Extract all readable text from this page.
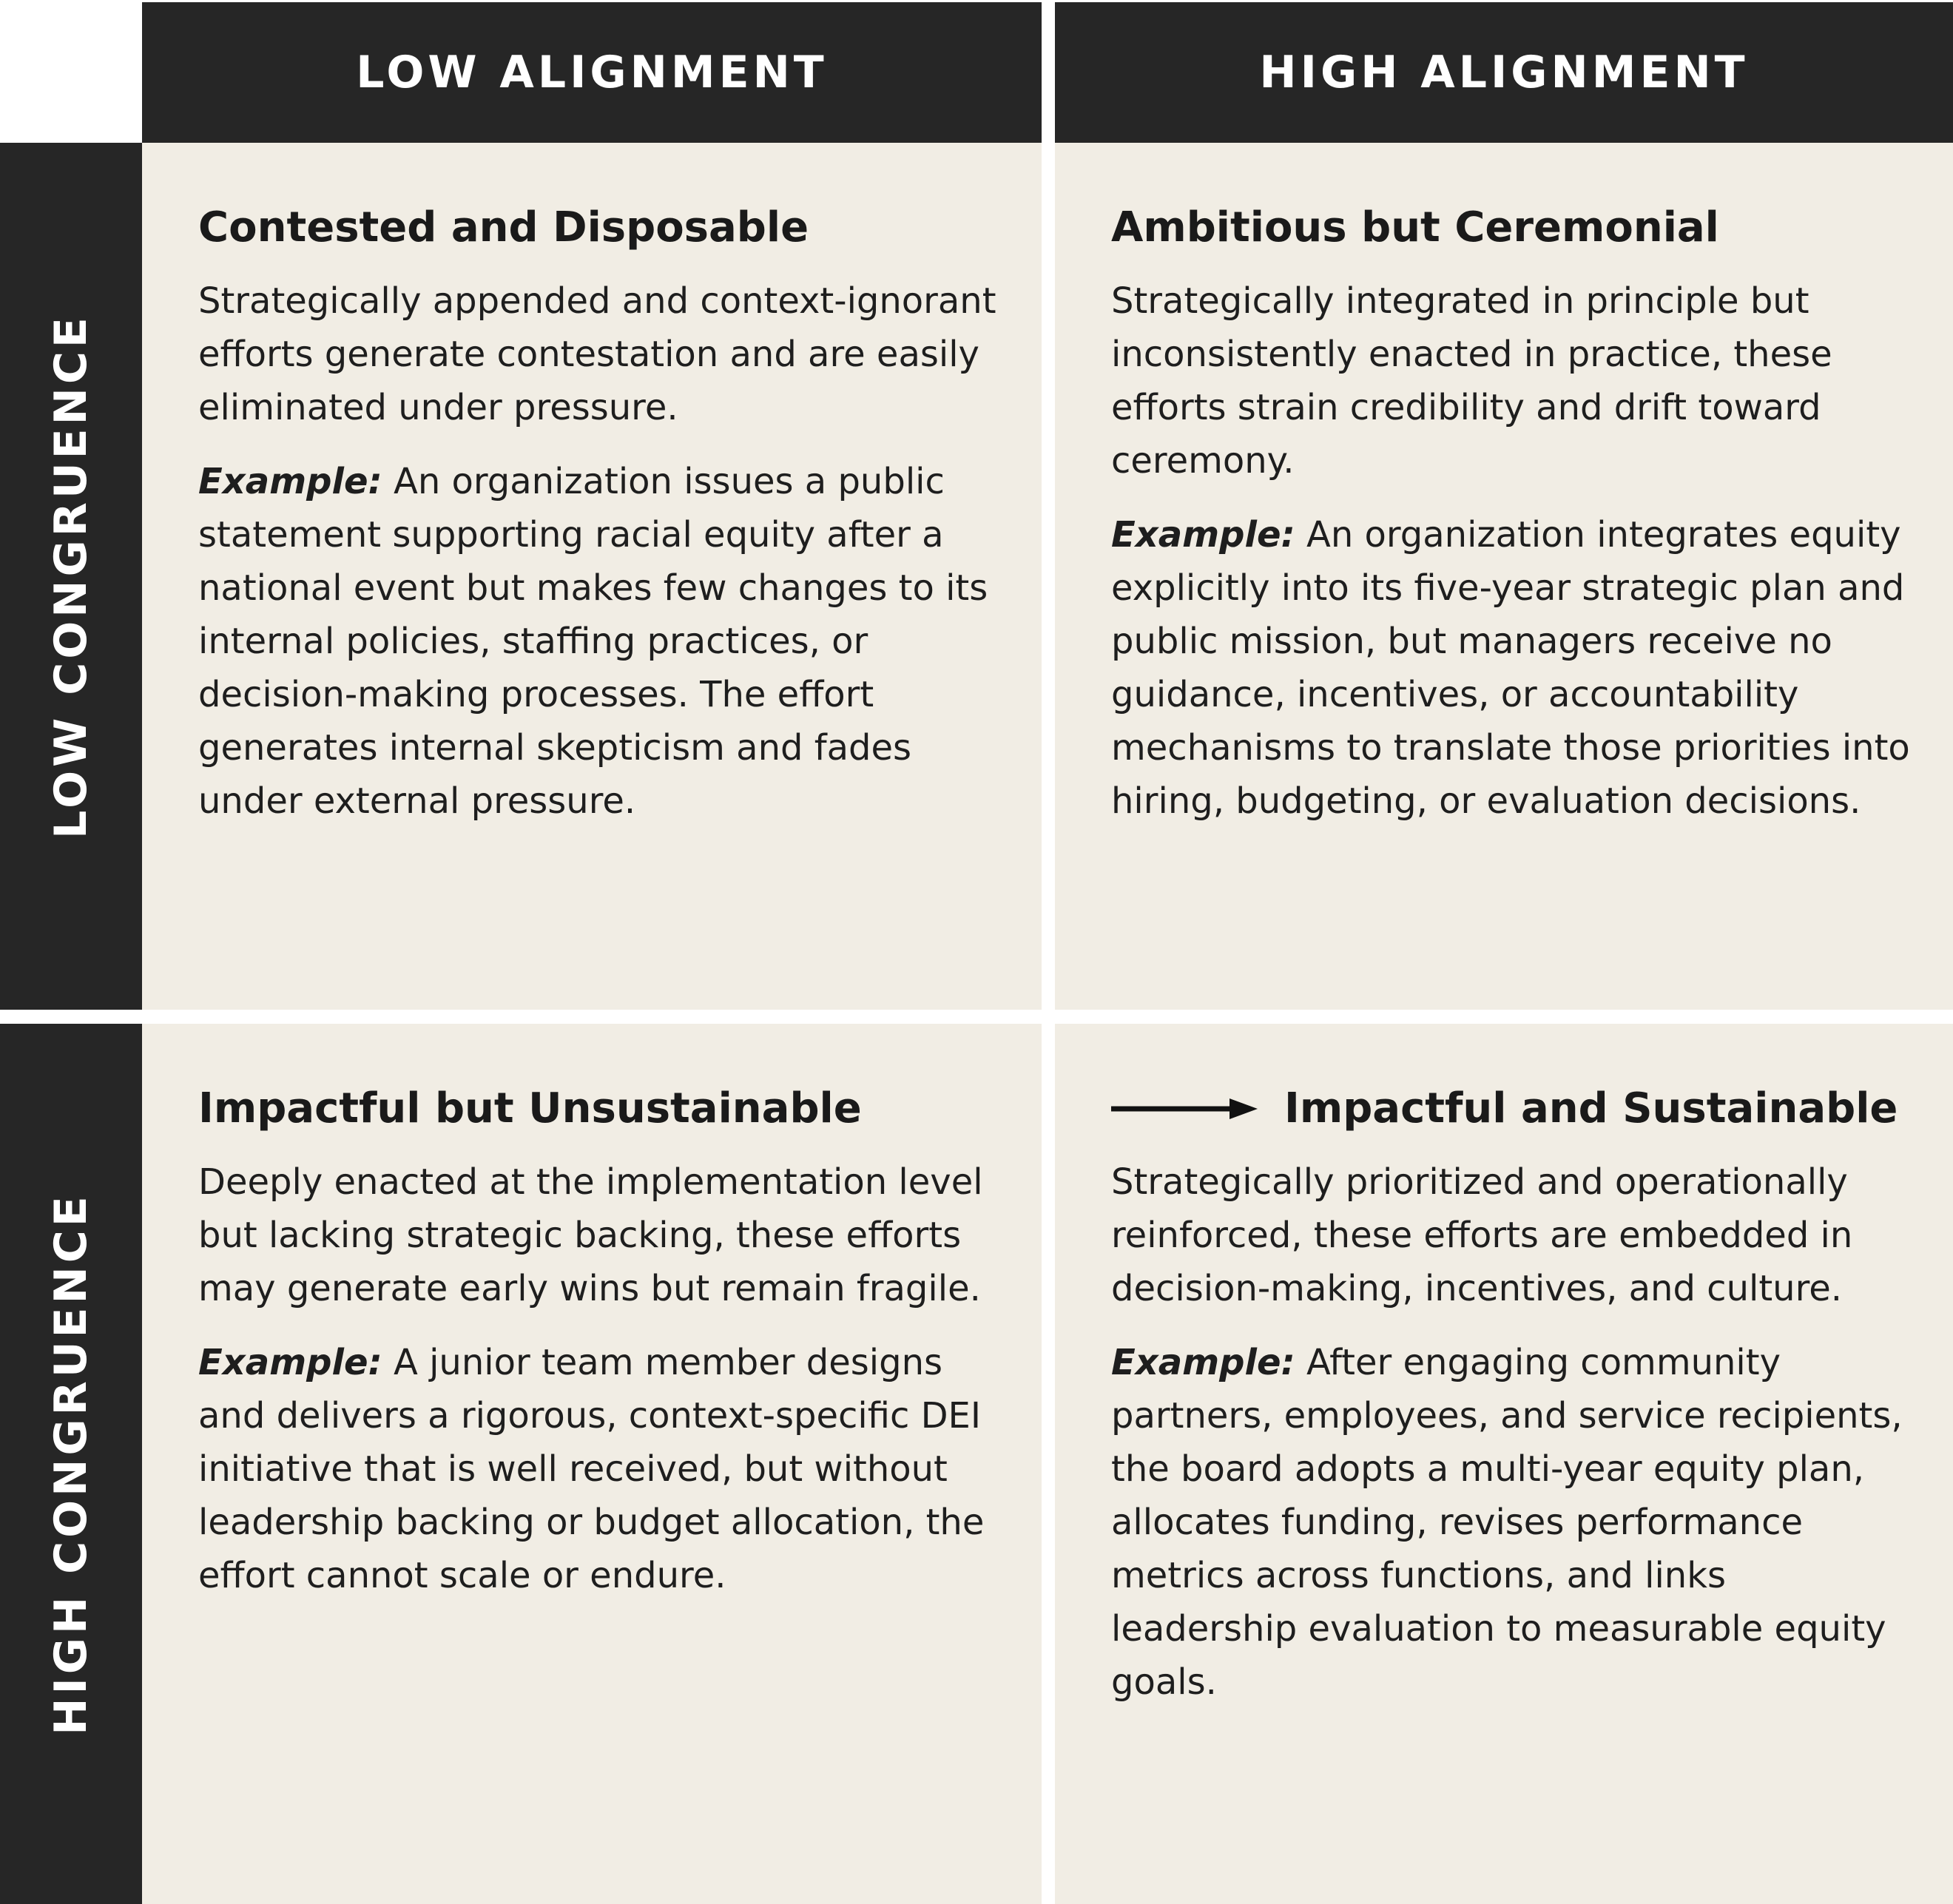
LOW ALIGNMENT	HIGH ALIGNMENT
LOW CONGRUENCE
HIGH CONGRUENCE
Contested and Disposable

Strategically appended and context-ignorant efforts generate contestation and are easily eliminated under pressure.

Example: An organization issues a public statement supporting racial equity after a national event but makes few changes to its internal policies, staffing practices, or decision-making processes. The effort generates internal skepticism and fades under external pressure.

Ambitious but Ceremonial

Strategically integrated in principle but inconsistently enacted in practice, these efforts strain credibility and drift toward ceremony.

Example: An organization integrates equity explicitly into its five-year strategic plan and public mission, but managers receive no guidance, incentives, or accountability mechanisms to translate those priorities into hiring, budgeting, or evaluation decisions.

Impactful but Unsustainable

Deeply enacted at the implementation level but lacking strategic backing, these efforts may generate early wins but remain fragile.

Example: A junior team member designs and delivers a rigorous, context-specific DEI initiative that is well received, but without leadership backing or budget allocation, the effort cannot scale or endure.

Impactful and Sustainable

Strategically prioritized and operationally reinforced, these efforts are embedded in decision-making, incentives, and culture.

Example: After engaging community partners, employees, and service recipients, the board adopts a multi-year equity plan, allocates funding, revises performance metrics across functions, and links leadership evaluation to measurable equity goals.
